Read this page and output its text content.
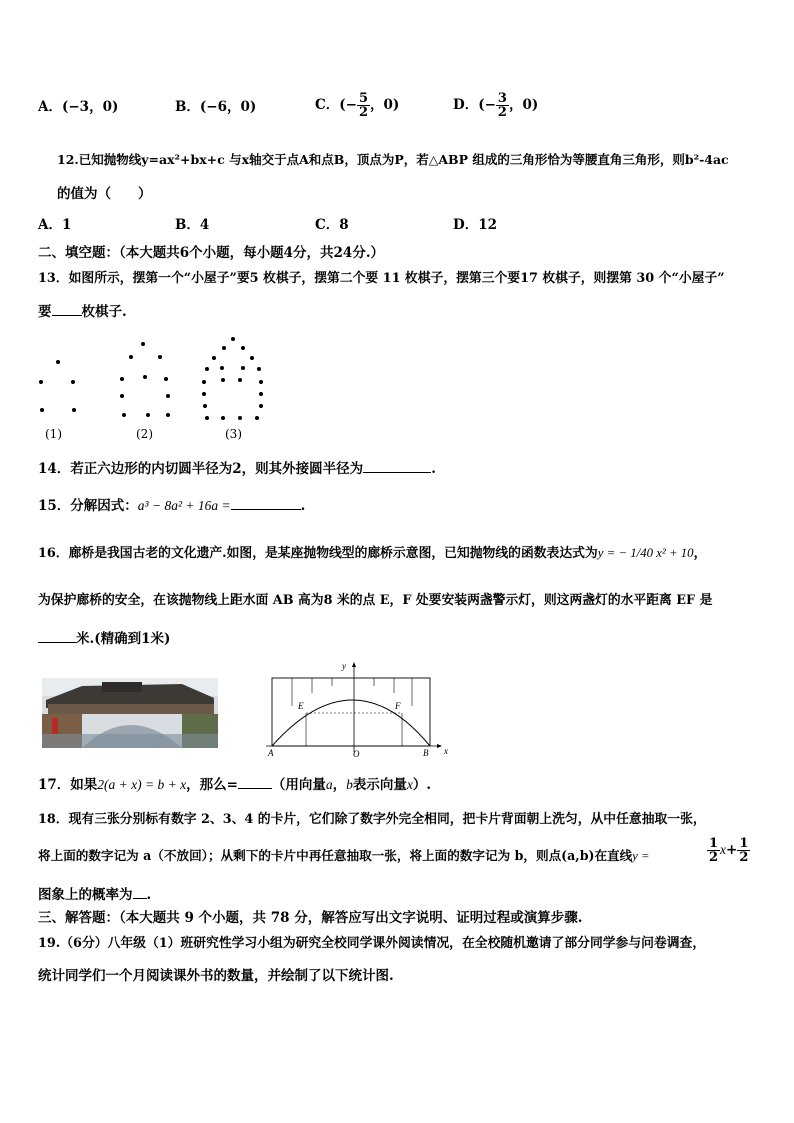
A．(−3，0)	B．(−6，0)	C．(− $\frac{5}{2}$ ，0)	D．(− $\frac{3}{2}$ ，0)
12.已知抛物线y=ax²+bx+c 与x轴交于点A和点B，顶点为P，若△ABP 组成的三角形恰为等腰直角三角形，则b²-4ac
的值为（　　）
A．1	B．4	C．8	D．12
二、填空题：（本大题共6个小题，每小题4分，共24分.）
13．如图所示，摆第一个“小屋子”要5 枚棋子，摆第二个要 11 枚棋子，摆第三个要17 枚棋子，则摆第 30 个“小屋子”
要 枚棋子.
(1)	(2)	(3)
14．若正六边形的内切圆半径为2，则其外接圆半径为	.
15．分解因式：a³ − 8a² + 16a =	.
16．廊桥是我国古老的文化遗产.如图，是某座抛物线型的廊桥示意图，已知抛物线的函数表达式为y = − 1/40 x² + 10，
为保护廊桥的安全，在该抛物线上距水面 AB 高为8 米的点 E，F 处要安装两盏警示灯，则这两盏灯的水平距离 EF 是
米.(精确到1米)
y
x
A	O	B
E	F
17．如果2(a + x) = b + x，那么=	（用向量a，b表示向量x）.
18．现有三张分别标有数字 2、3、4 的卡片，它们除了数字外完全相同，把卡片背面朝上洗匀，从中任意抽取一张，
将上面的数字记为 a（不放回）；从剩下的卡片中再任意抽取一张，将上面的数字记为 b，则点(a,b)在直线y =	$\frac{1}{2} x+ \frac{1}{2}$
图象上的概率为 .
三、解答题：（本大题共 9 个小题，共 78 分，解答应写出文字说明、证明过程或演算步骤.
19.（6分）八年级（1）班研究性学习小组为研究全校同学课外阅读情况，在全校随机邀请了部分同学参与问卷调查，
统计同学们一个月阅读课外书的数量，并绘制了以下统计图.
